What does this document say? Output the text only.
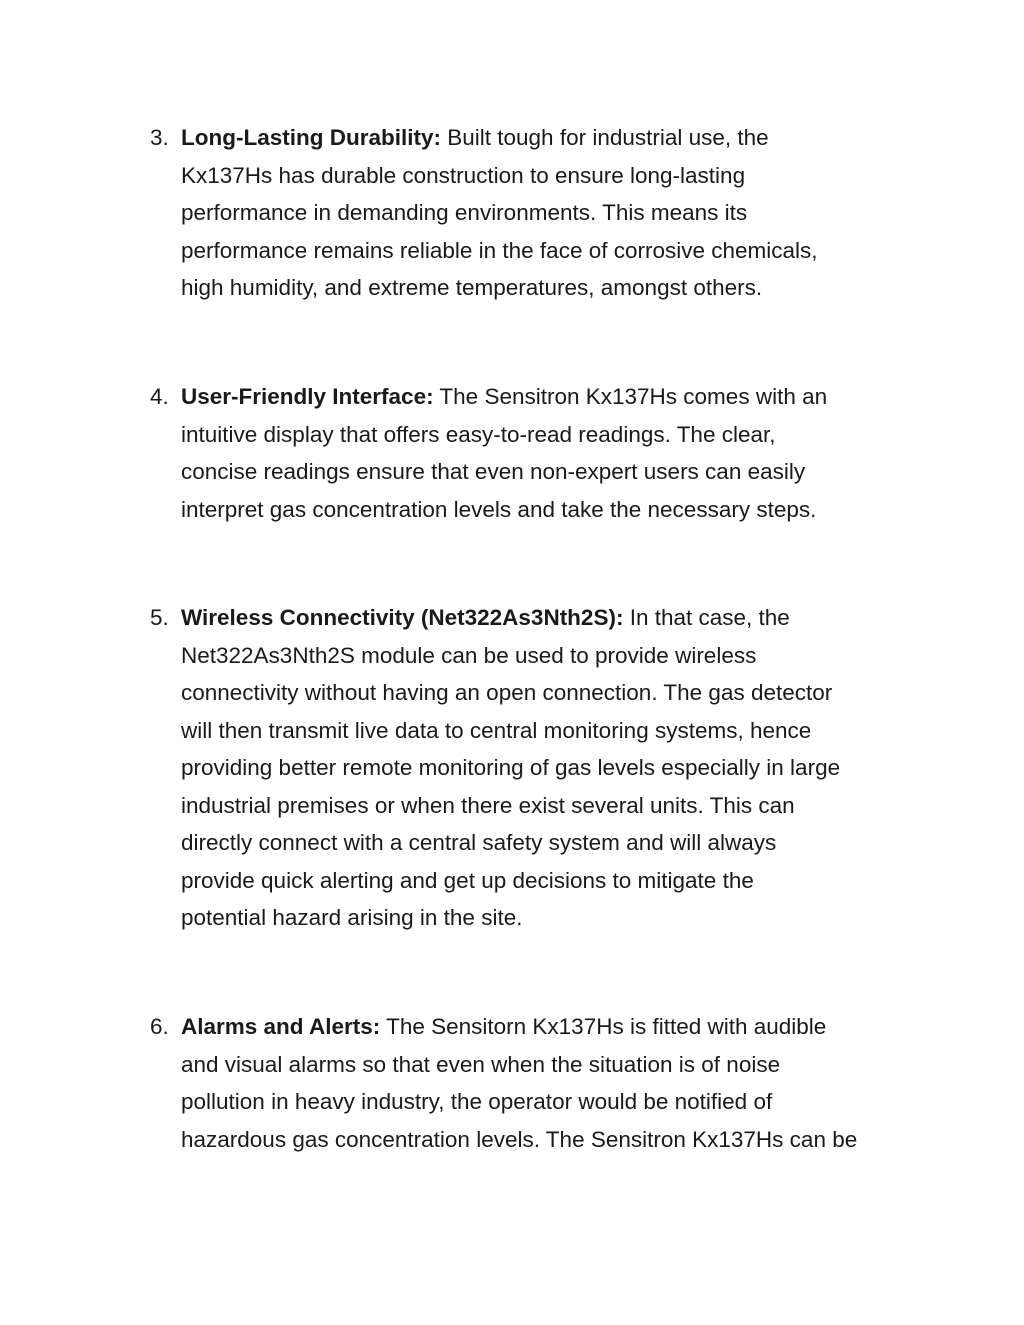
3. Long-Lasting Durability: Built tough for industrial use, the
Kx137Hs has durable construction to ensure long-lasting
performance in demanding environments. This means its
performance remains reliable in the face of corrosive chemicals,
high humidity, and extreme temperatures, amongst others.
4. User-Friendly Interface: The Sensitron Kx137Hs comes with an
intuitive display that offers easy-to-read readings. The clear,
concise readings ensure that even non-expert users can easily
interpret gas concentration levels and take the necessary steps.
5. Wireless Connectivity (Net322As3Nth2S): In that case, the
Net322As3Nth2S module can be used to provide wireless
connectivity without having an open connection. The gas detector
will then transmit live data to central monitoring systems, hence
providing better remote monitoring of gas levels especially in large
industrial premises or when there exist several units. This can
directly connect with a central safety system and will always
provide quick alerting and get up decisions to mitigate the
potential hazard arising in the site.
6. Alarms and Alerts: The Sensitorn Kx137Hs is fitted with audible
and visual alarms so that even when the situation is of noise
pollution in heavy industry, the operator would be notified of
hazardous gas concentration levels. The Sensitron Kx137Hs can be
